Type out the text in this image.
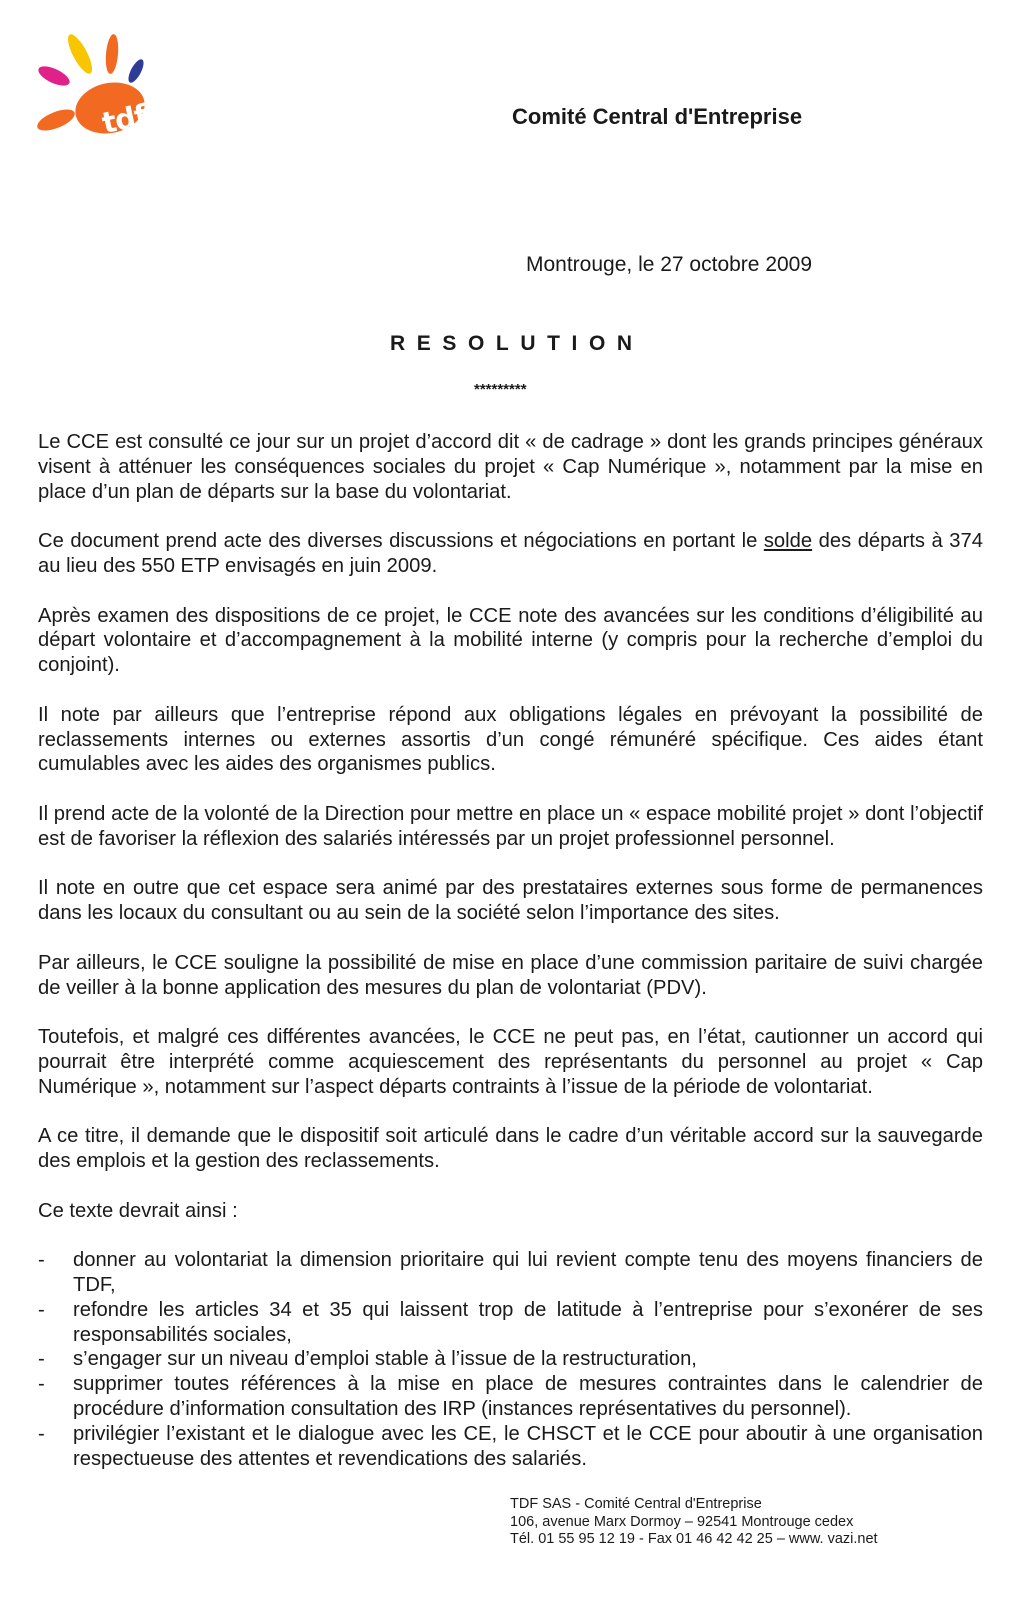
tdf	Comité Central d'Entreprise
Montrouge, le 27 octobre 2009
RESOLUTION
*********

Le CCE est consulté ce jour sur un projet d’accord dit « de cadrage » dont les grands principes généraux visent à atténuer les conséquences sociales du projet « Cap Numérique », notamment par la mise en place d’un plan de départs sur la base du volontariat.

Ce document prend acte des diverses discussions et négociations en portant le solde des départs à 374 au lieu des 550 ETP envisagés en juin 2009.

Après examen des dispositions de ce projet, le CCE note des avancées sur les conditions d’éligibilité au départ volontaire et d’accompagnement à la mobilité interne (y compris pour la recherche d’emploi du conjoint).

Il note par ailleurs que l’entreprise répond aux obligations légales en prévoyant la possibilité de reclassements internes ou externes assortis d’un congé rémunéré spécifique. Ces aides étant cumulables avec les aides des organismes publics.

Il prend acte de la volonté de la Direction pour mettre en place un « espace mobilité projet » dont l’objectif est de favoriser la réflexion des salariés intéressés par un projet professionnel personnel.

Il note en outre que cet espace sera animé par des prestataires externes sous forme de permanences dans les locaux du consultant ou au sein de la société selon l’importance des sites.

Par ailleurs, le CCE souligne la possibilité de mise en place d’une commission paritaire de suivi chargée de veiller à la bonne application des mesures du plan de volontariat (PDV).

Toutefois, et malgré ces différentes avancées, le CCE ne peut pas, en l’état, cautionner un accord qui pourrait être interprété comme acquiescement des représentants du personnel au projet « Cap Numérique », notamment sur l’aspect départs contraints à l’issue de la période de volontariat.

A ce titre, il demande que le dispositif soit articulé dans le cadre d’un véritable accord sur la sauvegarde des emplois et la gestion des reclassements.

Ce texte devrait ainsi :

- donner au volontariat la dimension prioritaire qui lui revient compte tenu des moyens financiers de TDF,
- refondre les articles 34 et 35 qui laissent trop de latitude à l’entreprise pour s’exonérer de ses responsabilités sociales,
- s’engager sur un niveau d’emploi stable à l’issue de la restructuration,
- supprimer toutes références à la mise en place de mesures contraintes dans le calendrier de procédure d’information consultation des IRP (instances représentatives du personnel).
- privilégier l’existant et le dialogue avec les CE, le CHSCT et le CCE pour aboutir à une organisation respectueuse des attentes et revendications des salariés.
TDF SAS - Comité Central d'Entreprise
106, avenue Marx Dormoy – 92541 Montrouge cedex
Tél. 01 55 95 12 19 - Fax 01 46 42 42 25 – www. vazi.net
